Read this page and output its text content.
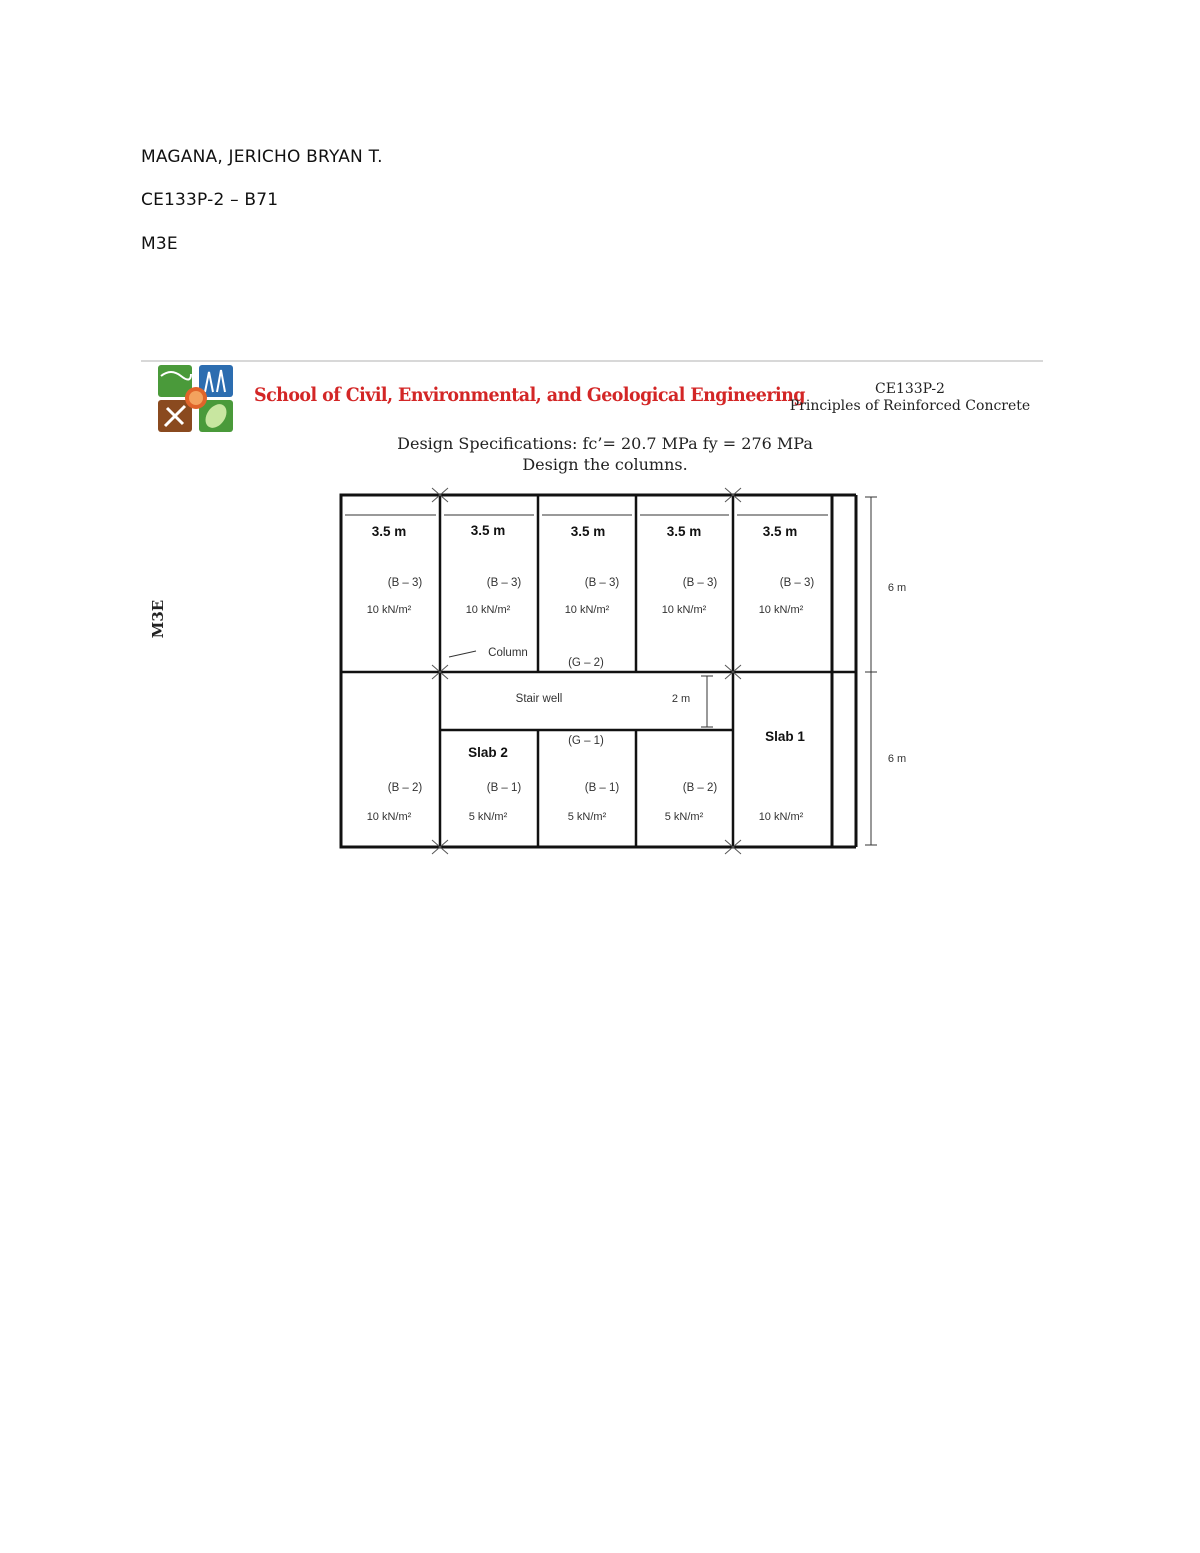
MAGANA, JERICHO BRYAN T.
CE133P-2 – B71
M3E
M3E
School of Civil, Environmental, and Geological Engineering	CE133P-2
Principles of Reinforced Concrete
Design Specifications: fc’= 20.7 MPa fy = 276 MPa
Design the columns.
3.5 m	3.5 m	3.5 m	3.5 m	3.5 m
(B – 3)	(B – 3)	(B – 3)	(B – 3)	(B – 3)
10 kN/m²	10 kN/m²	10 kN/m²	10 kN/m²	10 kN/m²
Column
(G – 2)
Stair well	2 m
(G – 1)	Slab 1
Slab 2
(B – 2)	(B – 1)	(B – 1)	(B – 2)
10 kN/m²	5 kN/m²	5 kN/m²	5 kN/m²	10 kN/m²
6 m
6 m
